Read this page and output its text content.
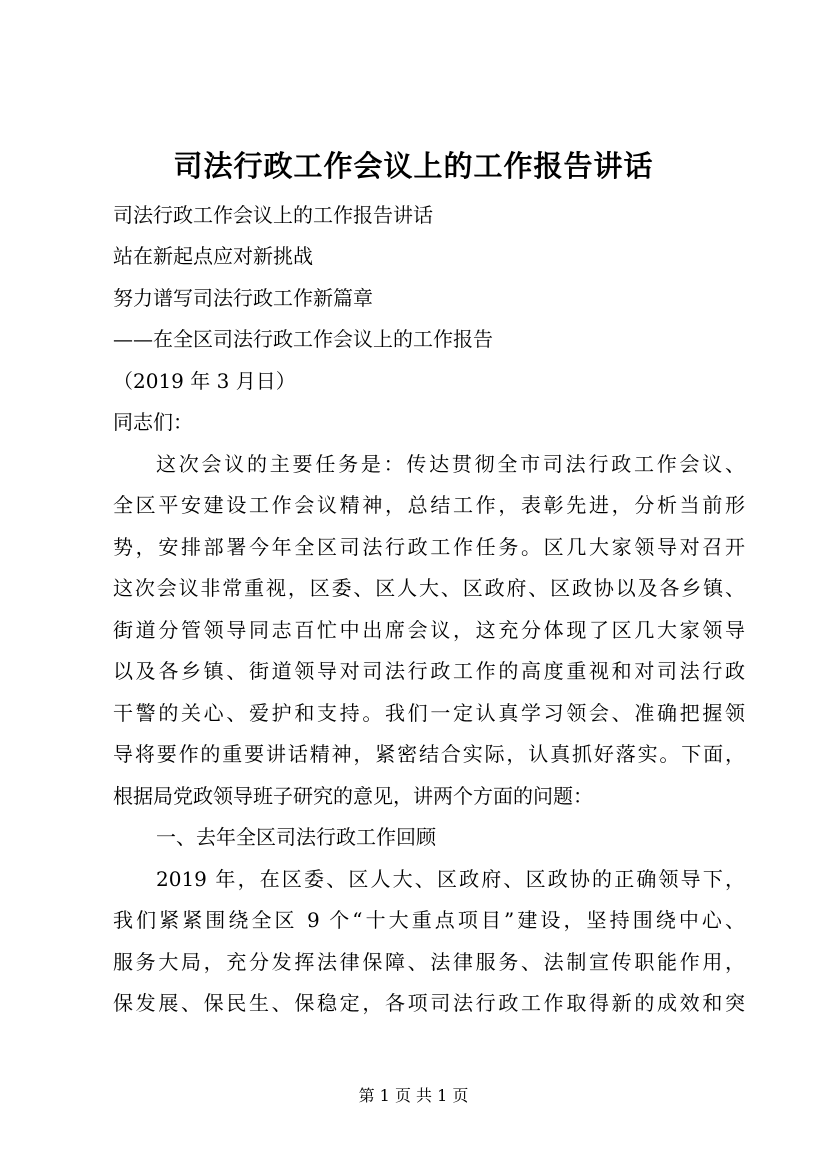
司法行政工作会议上的工作报告讲话
司法行政工作会议上的工作报告讲话
站在新起点应对新挑战
努力谱写司法行政工作新篇章
——在全区司法行政工作会议上的工作报告
（2019 年 3 月日）
同志们：
这次会议的主要任务是：传达贯彻全市司法行政工作会议、
全区平安建设工作会议精神，总结工作，表彰先进，分析当前形
势，安排部署今年全区司法行政工作任务。区几大家领导对召开
这次会议非常重视，区委、区人大、区政府、区政协以及各乡镇、
街道分管领导同志百忙中出席会议，这充分体现了区几大家领导
以及各乡镇、街道领导对司法行政工作的高度重视和对司法行政
干警的关心、爱护和支持。我们一定认真学习领会、准确把握领
导将要作的重要讲话精神，紧密结合实际，认真抓好落实。下面，
根据局党政领导班子研究的意见，讲两个方面的问题：
一、去年全区司法行政工作回顾
2019 年，在区委、区人大、区政府、区政协的正确领导下，
我们紧紧围绕全区 9 个“十大重点项目”建设，坚持围绕中心、
服务大局，充分发挥法律保障、法律服务、法制宣传职能作用，
保发展、保民生、保稳定，各项司法行政工作取得新的成效和突
第 1 页 共 1 页
